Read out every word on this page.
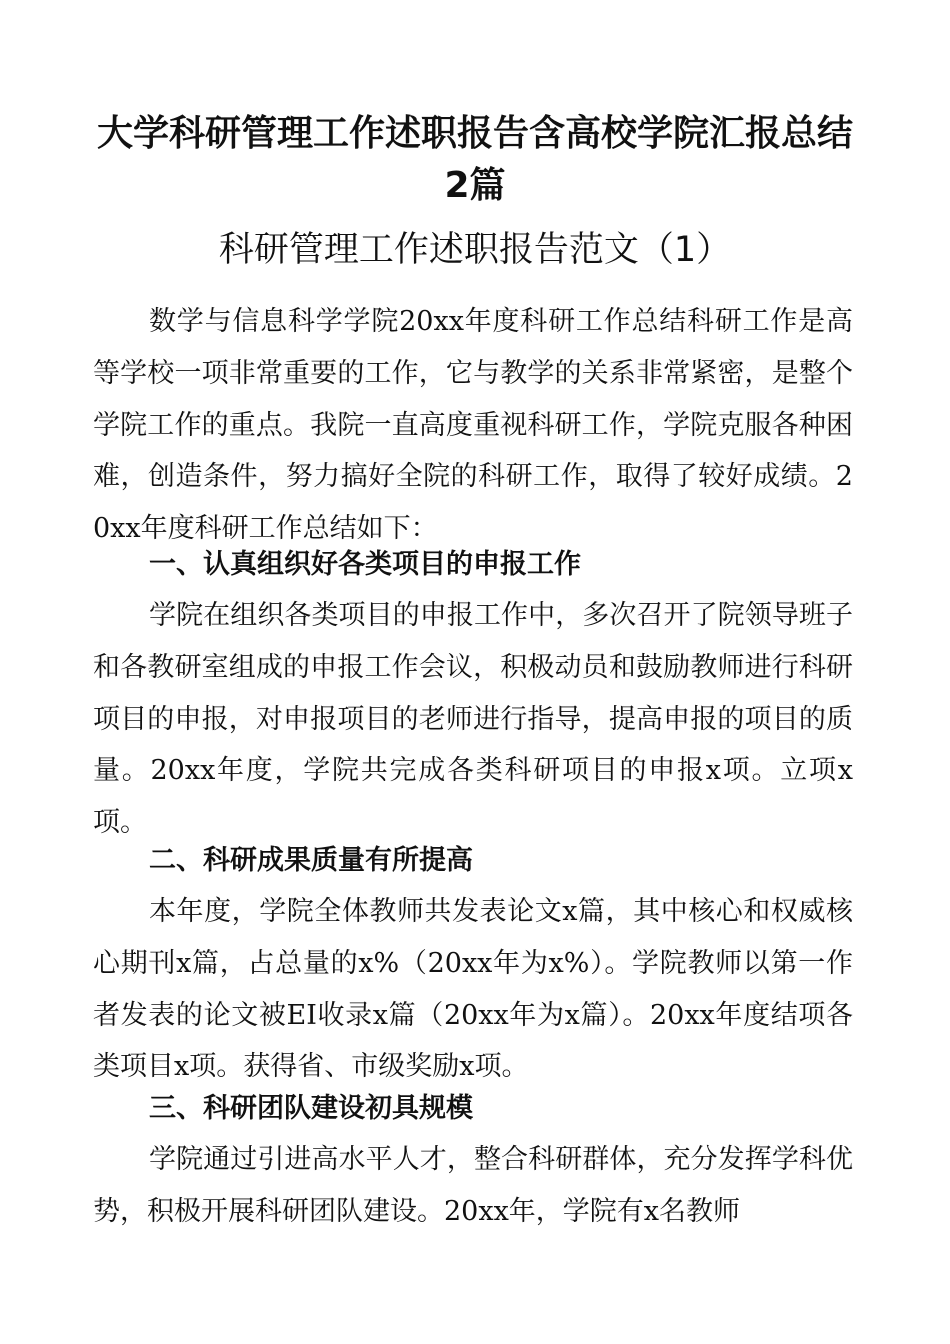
大学科研管理工作述职报告含高校学院汇报总结2篇
科研管理工作述职报告范文（1）

数学与信息科学学院20xx年度科研工作总结科研工作是高等学校一项非常重要的工作，它与教学的关系非常紧密，是整个学院工作的重点。我院一直高度重视科研工作，学院克服各种困难，创造条件，努力搞好全院的科研工作，取得了较好成绩。20xx年度科研工作总结如下：

一、认真组织好各类项目的申报工作

学院在组织各类项目的申报工作中，多次召开了院领导班子和各教研室组成的申报工作会议，积极动员和鼓励教师进行科研项目的申报，对申报项目的老师进行指导，提高申报的项目的质量。20xx年度，学院共完成各类科研项目的申报x项。立项x项。

二、科研成果质量有所提高

本年度，学院全体教师共发表论文x篇，其中核心和权威核心期刊x篇，占总量的x%（20xx年为x%）。学院教师以第一作者发表的论文被EI收录x篇（20xx年为x篇）。20xx年度结项各类项目x项。获得省、市级奖励x项。

三、科研团队建设初具规模

学院通过引进高水平人才，整合科研群体，充分发挥学科优势，积极开展科研团队建设。20xx年，学院有x名教师
